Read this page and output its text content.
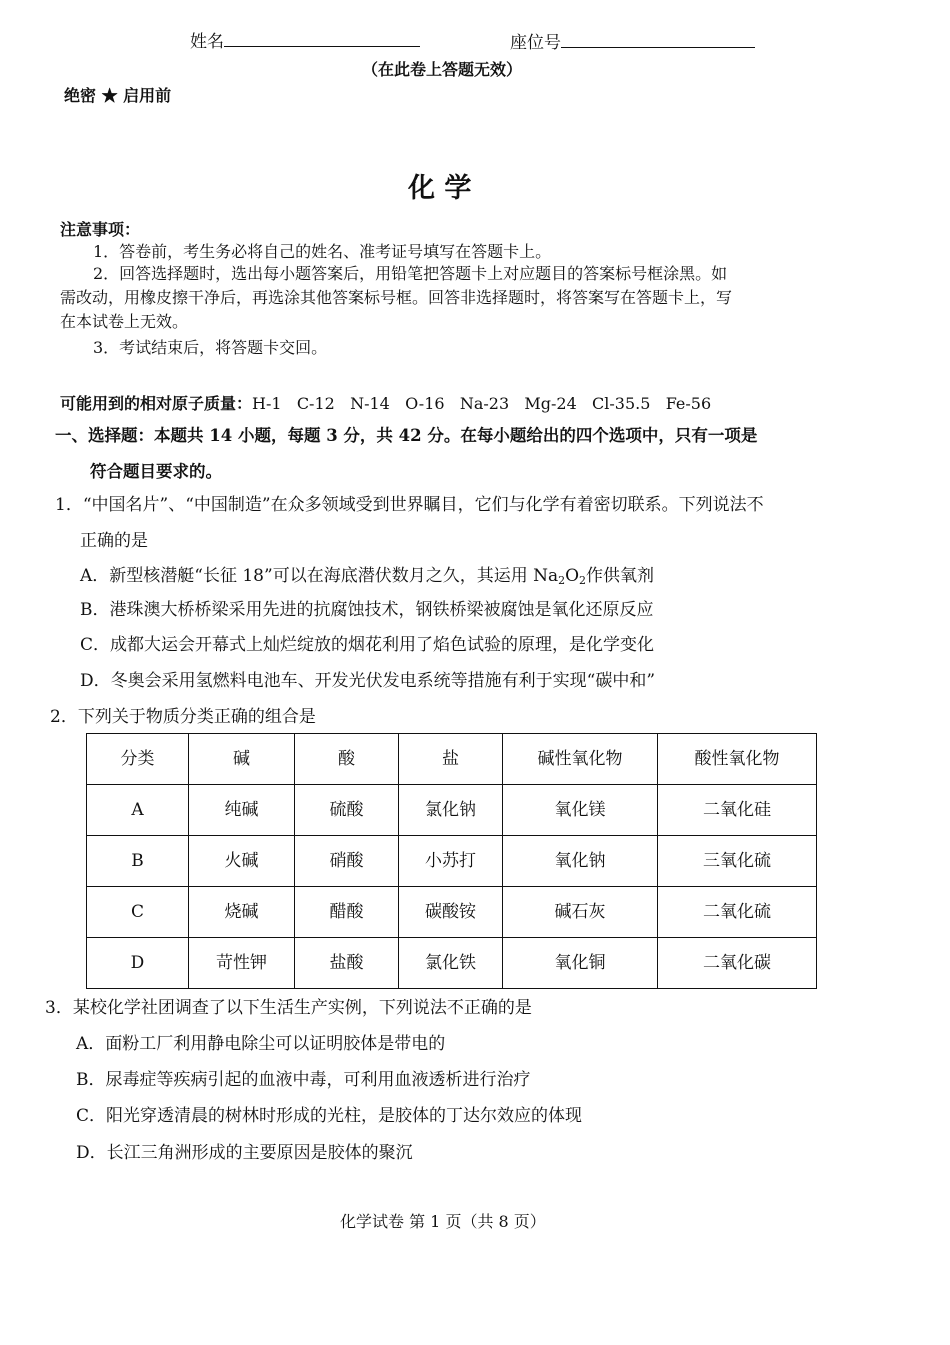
姓名	座位号
（在此卷上答题无效）
绝密 ★ 启用前
化 学
注意事项：
1．答卷前，考生务必将自己的姓名、准考证号填写在答题卡上。
2．回答选择题时，选出每小题答案后，用铅笔把答题卡上对应题目的答案标号框涂黑。如
需改动，用橡皮擦干净后，再选涂其他答案标号框。回答非选择题时，将答案写在答题卡上，写
在本试卷上无效。
3．考试结束后，将答题卡交回。
可能用到的相对原子质量：H-1   C-12   N-14   O-16   Na-23   Mg-24   Cl-35.5   Fe-56
一、选择题：本题共 14 小题，每题 3 分，共 42 分。在每小题给出的四个选项中，只有一项是
符合题目要求的。
1．“中国名片”、“中国制造”在众多领域受到世界瞩目，它们与化学有着密切联系。下列说法不
正确的是
A．新型核潜艇“长征 18”可以在海底潜伏数月之久，其运用 $Na_2O_2$作供氧剂
B．港珠澳大桥桥梁采用先进的抗腐蚀技术，钢铁桥梁被腐蚀是氧化还原反应
C．成都大运会开幕式上灿烂绽放的烟花利用了焰色试验的原理，是化学变化
D．冬奥会采用氢燃料电池车、开发光伏发电系统等措施有利于实现“碳中和”
2．下列关于物质分类正确的组合是
分类	碱	酸	盐	碱性氧化物	酸性氧化物
A	纯碱	硫酸	氯化钠	氧化镁	二氧化硅
B	火碱	硝酸	小苏打	氧化钠	三氧化硫
C	烧碱	醋酸	碳酸铵	碱石灰	二氧化硫
D	苛性钾	盐酸	氯化铁	氧化铜	二氧化碳
3．某校化学社团调查了以下生活生产实例，下列说法不正确的是
A．面粉工厂利用静电除尘可以证明胶体是带电的
B．尿毒症等疾病引起的血液中毒，可利用血液透析进行治疗
C．阳光穿透清晨的树林时形成的光柱，是胶体的丁达尔效应的体现
D．长江三角洲形成的主要原因是胶体的聚沉
化学试卷 第 1 页（共 8 页）
